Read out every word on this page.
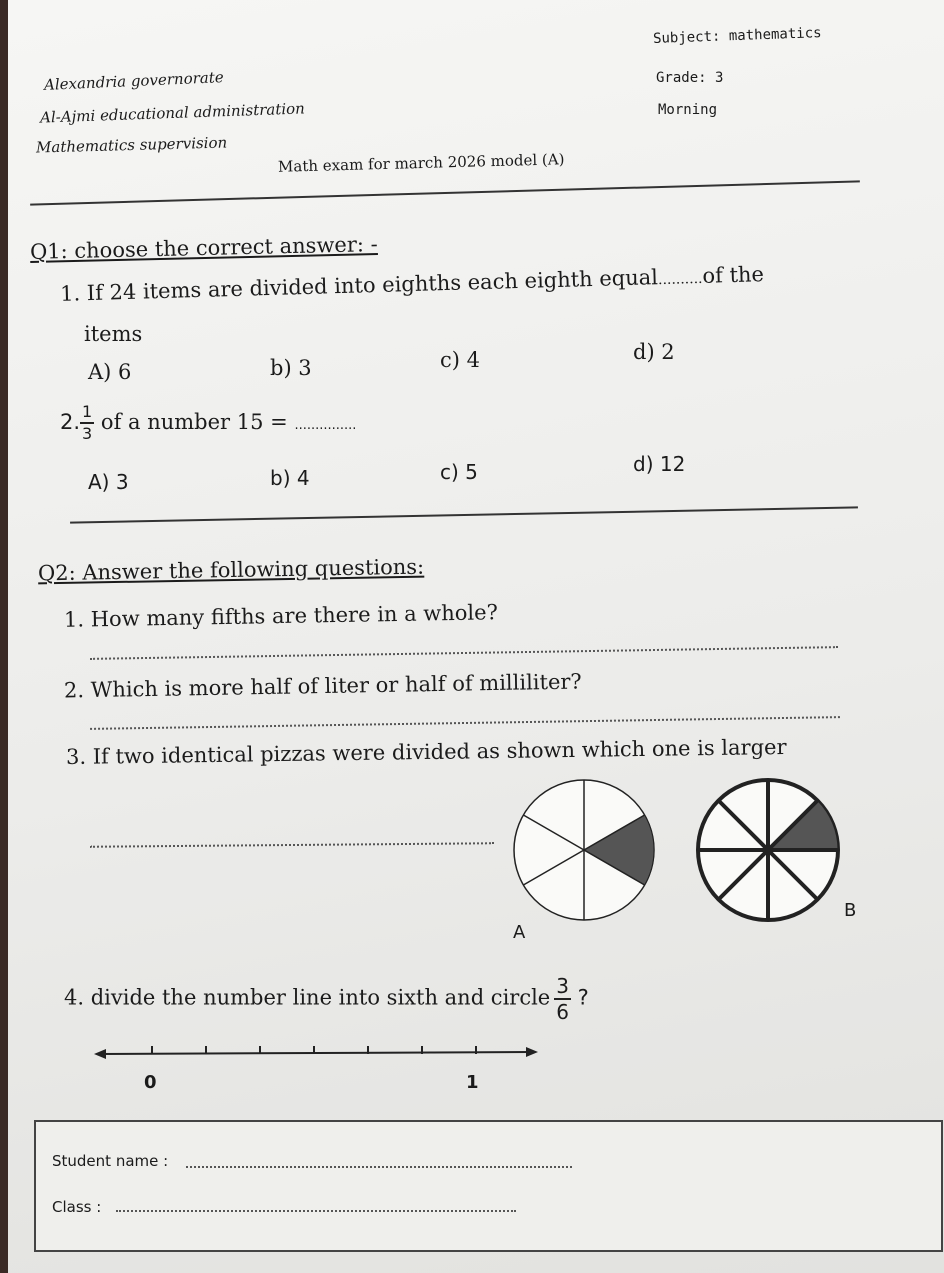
Alexandria governorate
Al-Ajmi educational administration
Mathematics supervision
Subject: mathematics
Grade: 3
Morning
Math exam for march 2026 model (A)
Q1: choose the correct answer: -
1. If 24 items are divided into eighths each eighth equal..........of the
items
A) 6	b) 3	c) 4	d) 2
2. $\frac{1}{3}$ of a number 15 = ...............
A) 3	b) 4	c) 5	d) 12
Q2: Answer the following questions:
1. How many fifths are there in a whole?
2. Which is more half of liter or half of milliliter?
3. If two identical pizzas were divided as shown which one is larger
A
B
4. divide the number line into sixth and circle $\frac{3}{6}$ ?
0	1
Student name :
Class :
